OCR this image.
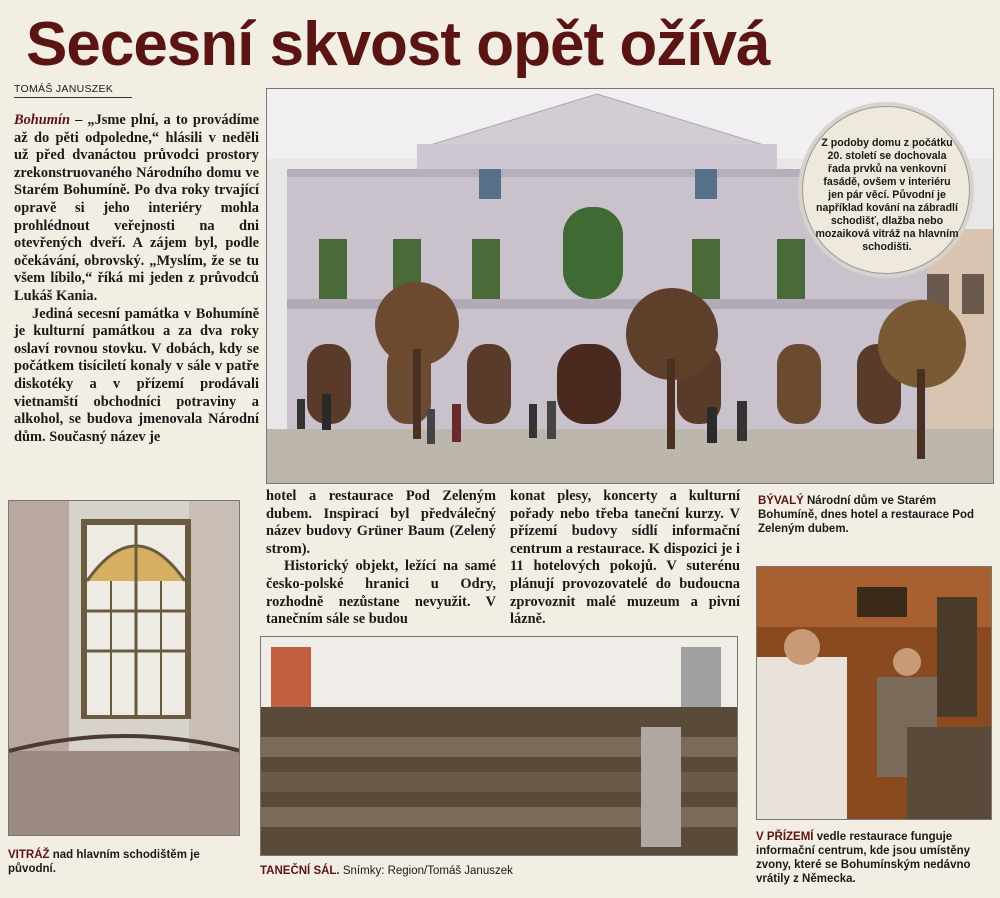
Secesní skvost opět ožívá
TOMÁŠ JANUSZEK

Bohumín – „Jsme plní, a to provádíme až do pěti odpoledne,“ hlásili v neděli už před dvanáctou průvodci prostory zrekonstruovaného Národního domu ve Starém Bohumíně. Po dva roky trvající opravě si jeho interiéry mohla prohlédnout veřejnosti na dni otevřených dveří. A zájem byl, podle očekávání, obrovský. „Myslím, že se tu všem líbilo,“ říká mi jeden z průvodců Lukáš Kania.

Jediná secesní památka v Bohumíně je kulturní památkou a za dva roky oslaví rovnou stovku. V dobách, kdy se počátkem tisíciletí konaly v sále v patře diskotéky a v přízemí prodávali vietnamští obchodníci potraviny a alkohol, se budova jmenovala Národní dům. Současný název je

Z podoby domu z počátku 20. století se dochovala řada prvků na venkovní fasádě, ovšem v interiéru jen pár věcí. Původní je například kování na zábradlí schodišť, dlažba nebo mozaiková vitráž na hlavním schodišti.

hotel a restaurace Pod Zeleným dubem. Inspirací byl předválečný název budovy Grüner Baum (Zelený strom).

Historický objekt, ležící na samé česko-polské hranici u Odry, rozhodně nezůstane nevyužit. V tanečním sále se budou

konat plesy, koncerty a kulturní pořady nebo třeba taneční kurzy. V přízemí budovy sídlí informační centrum a restaurace. K dispozici je i 11 hotelových pokojů. V suterénu plánují provozovatelé do budoucna zprovoznit malé muzeum a pivní lázně.

BÝVALÝ Národní dům ve Starém Bohumíně, dnes hotel a restaurace Pod Zeleným dubem.
VITRÁŽ nad hlavním schodištěm je původní.	TANEČNÍ SÁL. Snímky: Region/Tomáš Januszek
V PŘÍZEMÍ vedle restaurace funguje informační centrum, kde jsou umístěny zvony, které se Bohumínským nedávno vrátily z Německa.
